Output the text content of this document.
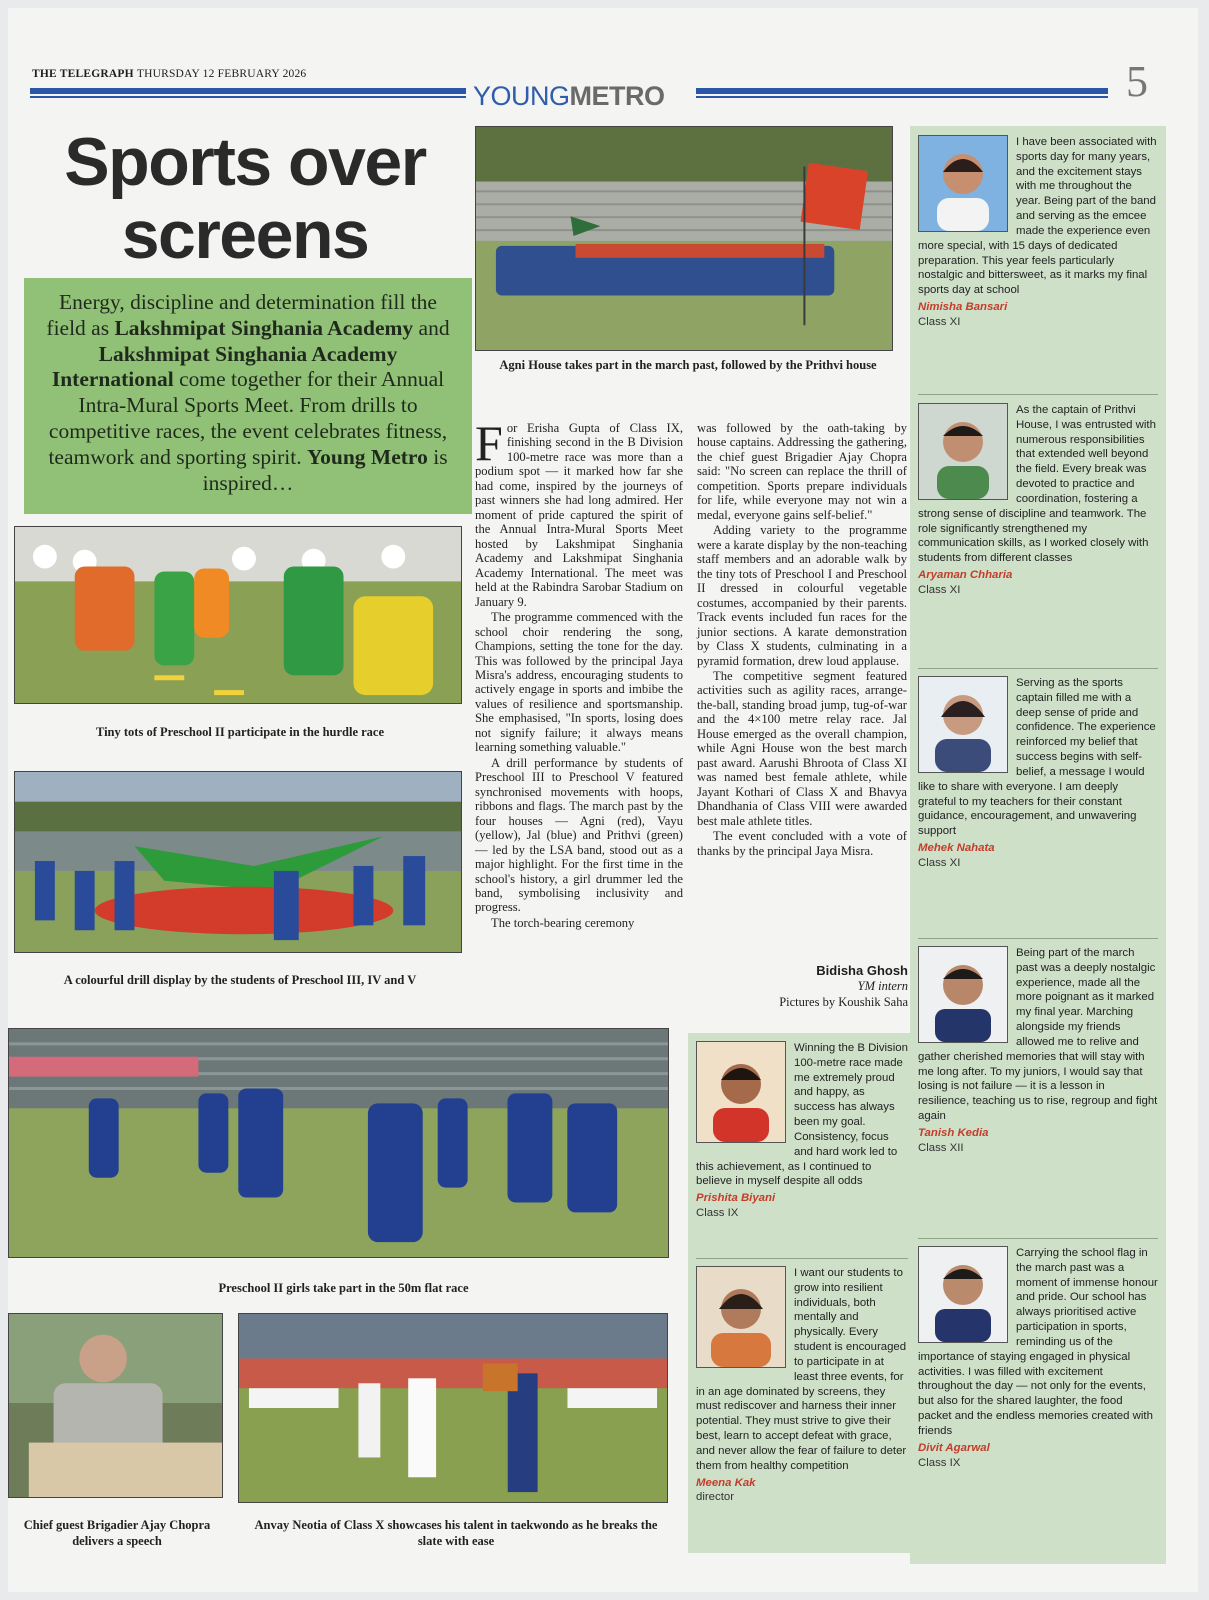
THE TELEGRAPH THURSDAY 12 FEBRUARY 2026
YOUNGMETRO	5
Sports over
screens
Energy, discipline and determination fill the field as Lakshmipat Singhania Academy and Lakshmipat Singhania Academy International come together for their Annual Intra-Mural Sports Meet. From drills to competitive races, the event celebrates fitness, teamwork and sporting spirit. Young Metro is inspired…
Agni House takes part in the march past, followed by the Prithvi house
Tiny tots of Preschool II participate in the hurdle race
A colourful drill display by the students of Preschool III, IV and V

For Erisha Gupta of Class IX, finishing second in the B Division 100-metre race was more than a podium spot — it marked how far she had come, inspired by the journeys of past winners she had long admired. Her moment of pride captured the spirit of the Annual Intra-Mural Sports Meet hosted by Lakshmipat Singhania Academy and Lakshmipat Singhania Academy International. The meet was held at the Rabindra Sarobar Stadium on January 9.

The programme commenced with the school choir rendering the song, Champions, setting the tone for the day. This was followed by the principal Jaya Misra's address, encouraging students to actively engage in sports and imbibe the values of resilience and sportsmanship. She emphasised, "In sports, losing does not signify failure; it always means learning something valuable."

A drill performance by students of Preschool III to Preschool V featured synchronised movements with hoops, ribbons and flags. The march past by the four houses — Agni (red), Vayu (yellow), Jal (blue) and Prithvi (green) — led by the LSA band, stood out as a major highlight. For the first time in the school's history, a girl drummer led the band, symbolising inclusivity and progress.

The torch-bearing ceremony

was followed by the oath-taking by house captains. Addressing the gathering, the chief guest Brigadier Ajay Chopra said: "No screen can replace the thrill of competition. Sports prepare individuals for life, while everyone may not win a medal, everyone gains self-belief."

Adding variety to the programme were a karate display by the non-teaching staff members and an adorable walk by the tiny tots of Preschool I and Preschool II dressed in colourful vegetable costumes, accompanied by their parents. Track events included fun races for the junior sections. A karate demonstration by Class X students, culminating in a pyramid formation, drew loud applause.

The competitive segment featured activities such as agility races, arrange-the-ball, standing broad jump, tug-of-war and the 4×100 metre relay race. Jal House emerged as the overall champion, while Agni House won the best march past award. Aarushi Bhroota of Class XI was named best female athlete, while Jayant Kothari of Class X and Bhavya Dhandhania of Class VIII were awarded best male athlete titles.

The event concluded with a vote of thanks by the principal Jaya Misra.

Bidisha Ghosh
YM intern
Pictures by Koushik Saha
Preschool II girls take part in the 50m flat race
Chief guest Brigadier Ajay Chopra delivers a speech
Anvay Neotia of Class X showcases his talent in taekwondo as he breaks the slate with ease
I have been associated with sports day for many years, and the excitement stays with me throughout the year. Being part of the band and serving as the emcee made the experience even more special, with 15 days of dedicated preparation. This year feels particularly nostalgic and bittersweet, as it marks my final sports day at school
Nimisha Bansari
Class XI
As the captain of Prithvi House, I was entrusted with numerous responsibilities that extended well beyond the field. Every break was devoted to practice and coordination, fostering a strong sense of discipline and teamwork. The role significantly strengthened my communication skills, as I worked closely with students from different classes
Aryaman Chharia
Class XI
Serving as the sports captain filled me with a deep sense of pride and confidence. The experience reinforced my belief that success begins with self-belief, a message I would like to share with everyone. I am deeply grateful to my teachers for their constant guidance, encouragement, and unwavering support
Mehek Nahata
Class XI
Being part of the march past was a deeply nostalgic experience, made all the more poignant as it marked my final year. Marching alongside my friends allowed me to relive and gather cherished memories that will stay with me long after. To my juniors, I would say that losing is not failure — it is a lesson in resilience, teaching us to rise, regroup and fight again
Tanish Kedia
Class XII
Carrying the school flag in the march past was a moment of immense honour and pride. Our school has always prioritised active participation in sports, reminding us of the importance of staying engaged in physical activities. I was filled with excitement throughout the day — not only for the events, but also for the shared laughter, the food packet and the endless memories created with friends
Divit Agarwal
Class IX
Winning the B Division 100-metre race made me extremely proud and happy, as success has always been my goal. Consistency, focus and hard work led to this achievement, as I continued to believe in myself despite all odds
Prishita Biyani
Class IX
I want our students to grow into resilient individuals, both mentally and physically. Every student is encouraged to participate in at least three events, for in an age dominated by screens, they must rediscover and harness their inner potential. They must strive to give their best, learn to accept defeat with grace, and never allow the fear of failure to deter them from healthy competition
Meena Kak
director
